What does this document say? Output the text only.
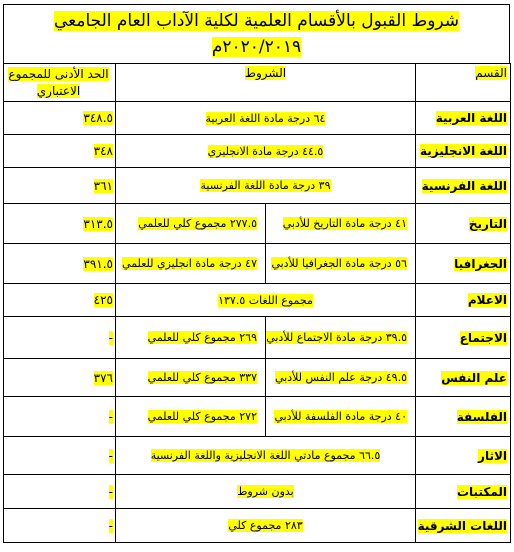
شروط القبول بالأقسام العلمية لكلية الآداب العام الجامعي
٢٠٢٠/٢٠١٩م
القسم	الشروط		الحد الأدنى للمجموع الاعتباري
اللغة العربية	٦٤ درجة مادة اللغة العربية		٣٤٨.٥
اللغة الانجليزية	٤٤.٥ درجة مادة الانجليزي		٣٤٨
اللغة الفرنسية	٣٩ درجة مادة اللغة الفرنسية		٣٦١
التاريخ	٤١ درجة مادة التاريخ للأدبي	٢٧٧.٥ مجموع كلي للعلمي	٣١٣.٥
الجغرافيا	٥٦ درجة مادة الجغرافيا للأدبي	٤٧ درجة مادة انجليزي للعلمي	٣٩١.٥
الاعلام	مجموع اللغات ١٣٧.٥		٤٢٥
الاجتماع	٣٩.٥ درجة مادة الاجتماع للأدبي	٢٦٩ مجموع كلي للعلمي	-
علم النفس	٤٩.٥ درجة علم النفس للأدبي	٣٣٧ مجموع كلي للعلمي	٣٧٦
الفلسفة	٤٠ درجة مادة الفلسفة للأدبي	٢٧٢ مجموع كلي للعلمي	-
الاثار	٦٦.٥ مجموع مادتي اللغة الانجليزية واللغة الفرنسية		-
المكتبات	بدون شروط		-
اللغات الشرقية	٢٨٣ مجموع كلي		-
